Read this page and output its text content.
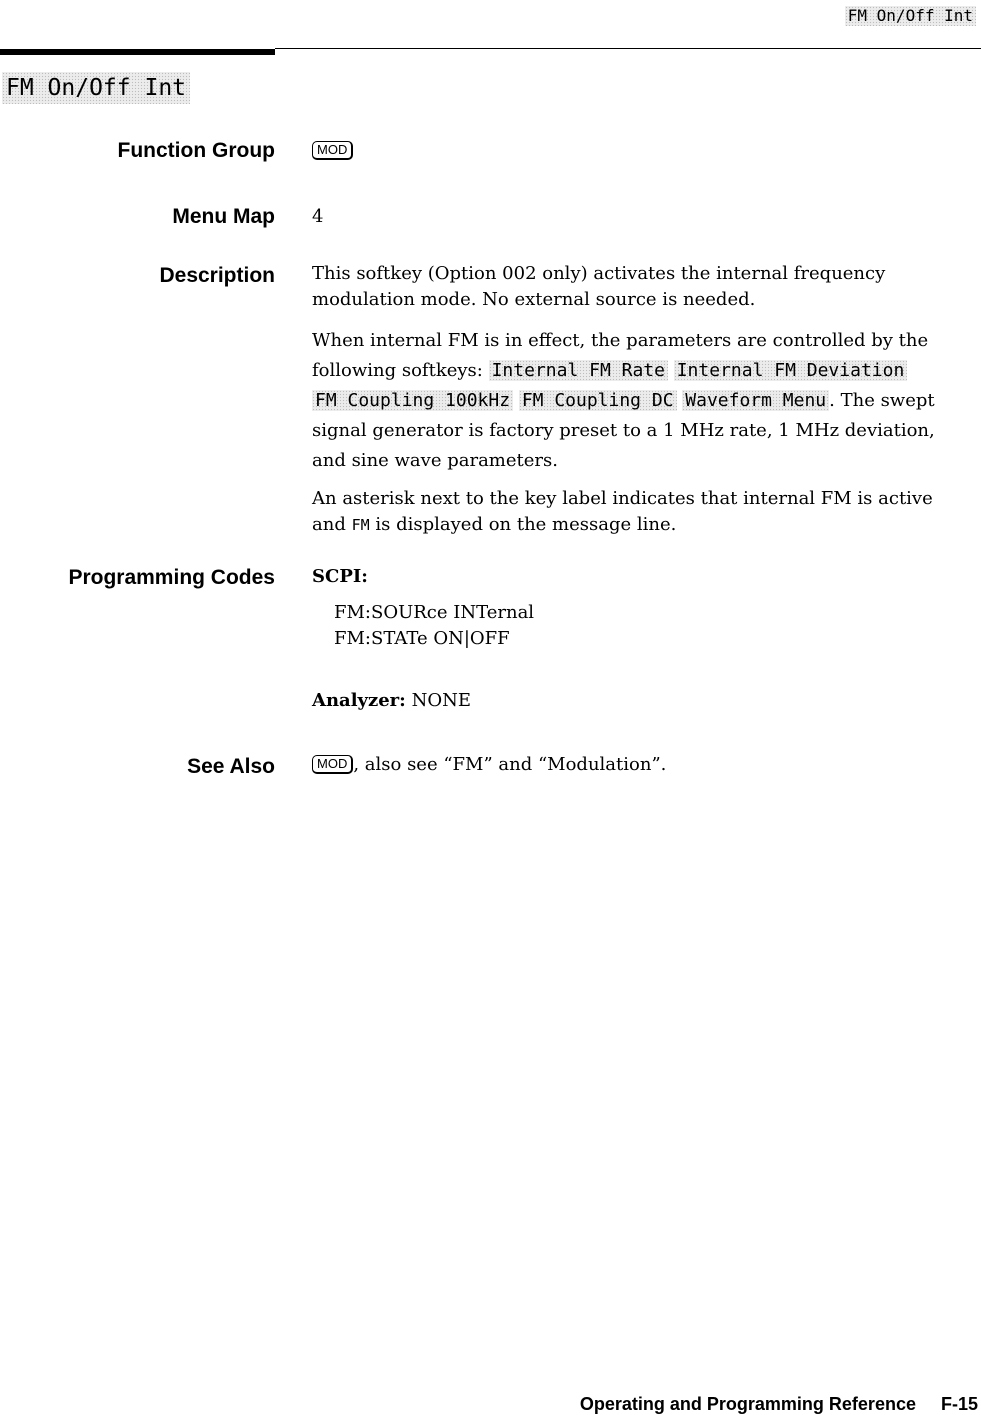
FM On/Off Int
FM On/Off Int
Function Group	MOD
Menu Map 4
Description This softkey (Option 002 only) activates the internal frequency modulation mode. No external source is needed.

When internal FM is in effect, the parameters are controlled by the following softkeys: Internal FM Rate Internal FM Deviation FM Coupling 100kHz FM Coupling DC Waveform Menu . The swept signal generator is factory preset to a 1 MHz rate, 1 MHz deviation, and sine wave parameters.

An asterisk next to the key label indicates that internal FM is active and FM is displayed on the message line.

Programming Codes SCPI:
FM:SOURce INTernal
FM:STATe ON|OFF
Analyzer: NONE
See Also	MOD , also see “FM” and “Modulation”.
Operating and Programming Reference F-15
